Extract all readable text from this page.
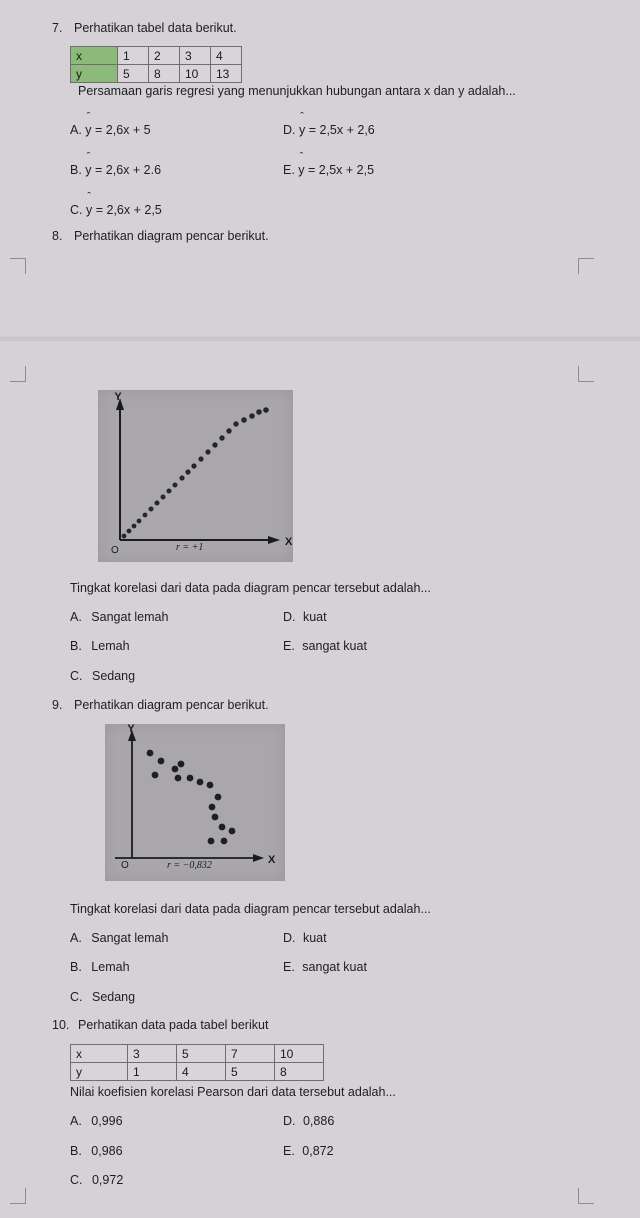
7. Perhatikan tabel data berikut.
x	1	2	3	4
y	5	8	10	13
Persamaan garis regresi yang menunjukkan hubungan antara x dan y adalah...
A.
ˆ
y = 2,6x + 5
B.
ˆ
y = 2,6x + 2.6
C.
ˆ
y = 2,6x + 2,5
D.
ˆ
y = 2,5x + 2,6
E.
ˆ
y = 2,5x + 2,5
8. Perhatikan diagram pencar berikut.
Y
X
O	r = +1
Tingkat korelasi dari data pada diagram pencar tersebut adalah...
A. Sangat lemah
B. Lemah
C. Sedang
D. kuat
E. sangat kuat
9. Perhatikan diagram pencar berikut.
Y
X
O	r = −0,832
Tingkat korelasi dari data pada diagram pencar tersebut adalah...
A. Sangat lemah
B. Lemah
C. Sedang
D. kuat
E. sangat kuat
10. Perhatikan data pada tabel berikut
x	3	5	7	10
y	1	4	5	8
Nilai koefisien korelasi Pearson dari data tersebut adalah...
A. 0,996
B. 0,986
C. 0,972
D. 0,886
E. 0,872
